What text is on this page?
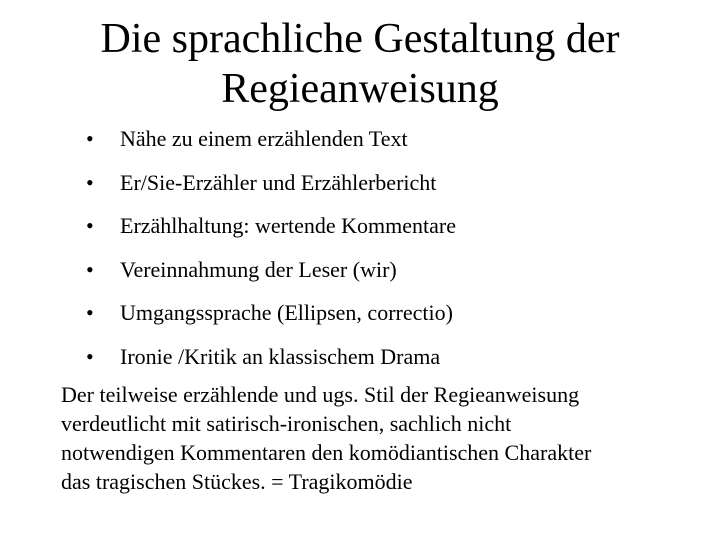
Die sprachliche Gestaltung der
Regieanweisung
• Nähe zu einem erzählenden Text
• Er/Sie-Erzähler und Erzählerbericht
• Erzählhaltung: wertende Kommentare
• Vereinnahmung der Leser (wir)
• Umgangssprache (Ellipsen, correctio)
• Ironie /Kritik an klassischem Drama

Der teilweise erzählende und ugs. Stil der Regieanweisung
verdeutlicht mit satirisch-ironischen, sachlich nicht
notwendigen Kommentaren den komödiantischen Charakter
das tragischen Stückes. = Tragikomödie
